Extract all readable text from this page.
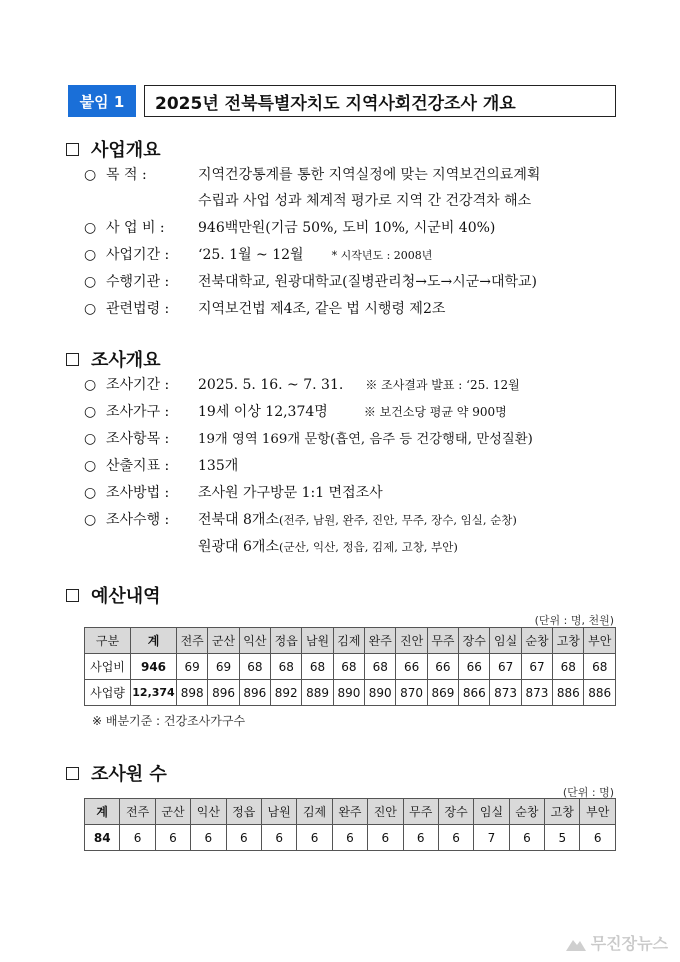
붙임 1	2025년 전북특별자치도 지역사회건강조사 개요
사업개요
○ 목 적 :	지역건강통계를 통한 지역실정에 맞는 지역보건의료계획
수립과 사업 성과 체계적 평가로 지역 간 건강격차 해소
○ 사 업 비 : 946백만원(기금 50%, 도비 10%, 시군비 40%)
○ 사업기간 : ‘25. 1월 ~ 12월	* 시작년도 : 2008년
○ 수행기관 : 전북대학교, 원광대학교(질병관리청→도→시군→대학교)
○ 관련법령 : 지역보건법 제4조, 같은 법 시행령 제2조
조사개요
○ 조사기간 : 2025. 5. 16. ~ 7. 31. ※ 조사결과 발표 : ‘25. 12월
○ 조사가구 : 19세 이상 12,374명	※ 보건소당 평균 약 900명
○ 조사항목 : 19개 영역 169개 문항(흡연, 음주 등 건강행태, 만성질환)
○ 산출지표 : 135개
○ 조사방법 : 조사원 가구방문 1:1 면접조사
○ 조사수행 : 전북대 8개소(전주, 남원, 완주, 진안, 무주, 장수, 임실, 순창)
원광대 6개소(군산, 익산, 정읍, 김제, 고창, 부안)
예산내역
(단위 : 명, 천원)
구분	계	전주	군산	익산	정읍	남원	김제	완주	진안	무주	장수	임실	순창	고창	부안
사업비	946	69	69	68	68	68	68	68	66	66	66	67	67	68	68
사업량	12,374	898	896	896	892	889	890	890	870	869	866	873	873	886	886
※ 배분기준 : 건강조사가구수
조사원 수
(단위 : 명)
계	전주	군산	익산	정읍	남원	김제	완주	진안	무주	장수	임실	순창	고창	부안
84	6	6	6	6	6	6	6	6	6	6	7	6	5	6
무진장뉴스
